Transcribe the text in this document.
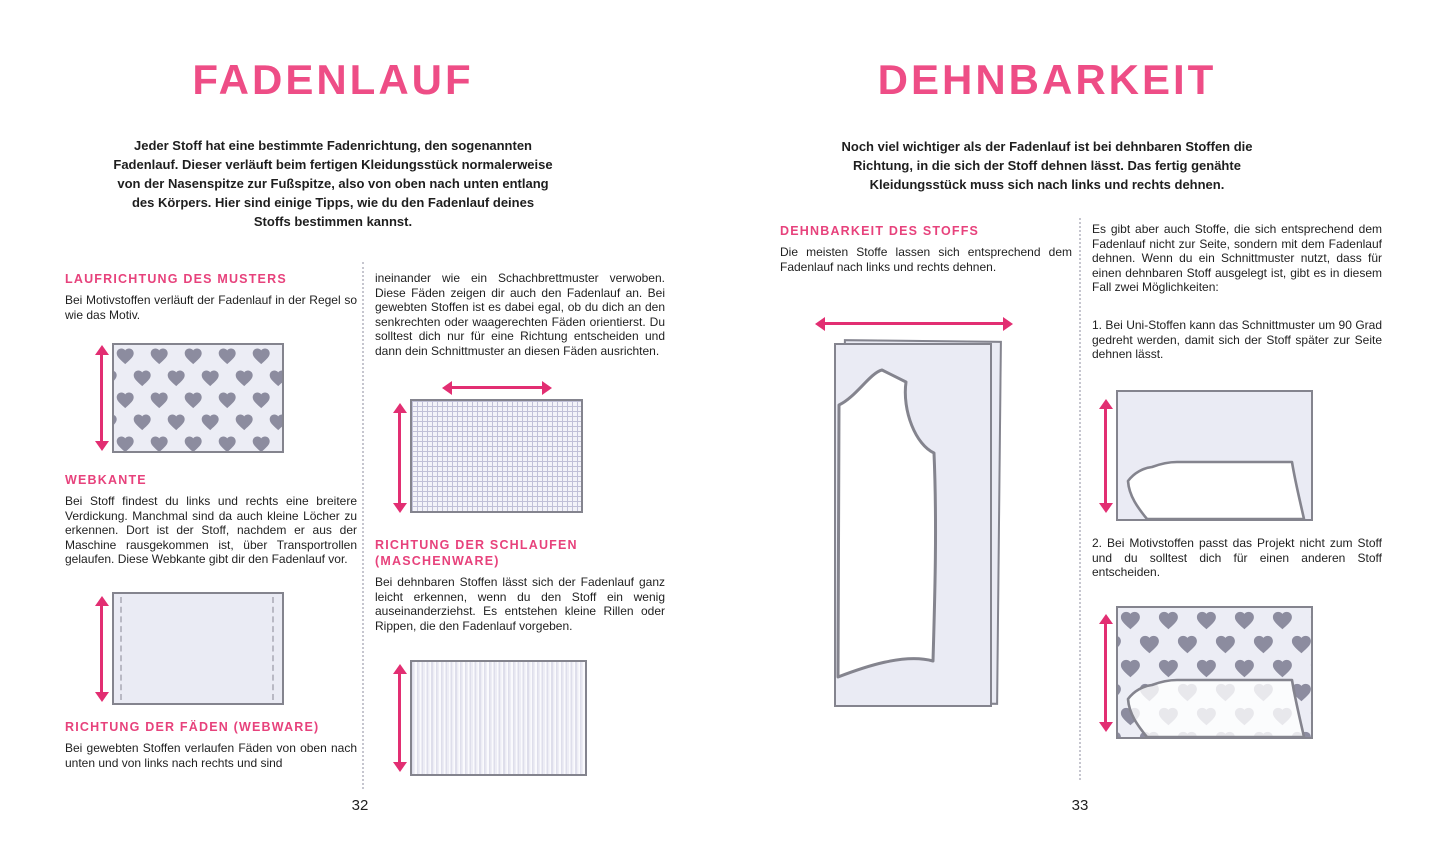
FADENLAUF

Jeder Stoff hat eine bestimmte Fadenrichtung, den sogenannten Fadenlauf. Dieser verläuft beim fertigen Kleidungsstück normalerweise von der Nasenspitze zur Fußspitze, also von oben nach unten entlang des Körpers. Hier sind einige Tipps, wie du den Fadenlauf deines Stoffs bestimmen kannst.

LAUFRICHTUNG DES MUSTERS

Bei Motivstoffen verläuft der Fadenlauf in der Regel so wie das Motiv.

WEBKANTE

Bei Stoff findest du links und rechts eine breitere Verdickung. Manchmal sind da auch kleine Löcher zu erkennen. Dort ist der Stoff, nachdem er aus der Maschine rausgekommen ist, über Transportrollen gelaufen. Diese Webkante gibt dir den Fadenlauf vor.

RICHTUNG DER FÄDEN (WEBWARE)

Bei gewebten Stoffen verlaufen Fäden von oben nach unten und von links nach rechts und sind

ineinander wie ein Schachbrettmuster verwoben. Diese Fäden zeigen dir auch den Fadenlauf an. Bei gewebten Stoffen ist es dabei egal, ob du dich an den senkrechten oder waagerechten Fäden orientierst. Du solltest dich nur für eine Richtung entscheiden und dann dein Schnittmuster an diesen Fäden ausrichten.

RICHTUNG DER SCHLAUFEN (MASCHENWARE)

Bei dehnbaren Stoffen lässt sich der Fadenlauf ganz leicht erkennen, wenn du den Stoff ein wenig auseinanderziehst. Es entstehen kleine Rillen oder Rippen, die den Fadenlauf vorgeben.

32
DEHNBARKEIT

Noch viel wichtiger als der Fadenlauf ist bei dehnbaren Stoffen die Richtung, in die sich der Stoff dehnen lässt. Das fertig genähte Kleidungsstück muss sich nach links und rechts dehnen.

DEHNBARKEIT DES STOFFS

Die meisten Stoffe lassen sich entsprechend dem Fadenlauf nach links und rechts dehnen.

Es gibt aber auch Stoffe, die sich entsprechend dem Fadenlauf nicht zur Seite, sondern mit dem Fadenlauf dehnen. Wenn du ein Schnittmuster nutzt, dass für einen dehnbaren Stoff ausgelegt ist, gibt es in diesem Fall zwei Möglichkeiten:

1. Bei Uni-Stoffen kann das Schnittmuster um 90 Grad gedreht werden, damit sich der Stoff später zur Seite dehnen lässt.

2. Bei Motivstoffen passt das Projekt nicht zum Stoff und du solltest dich für einen anderen Stoff entscheiden.

33
